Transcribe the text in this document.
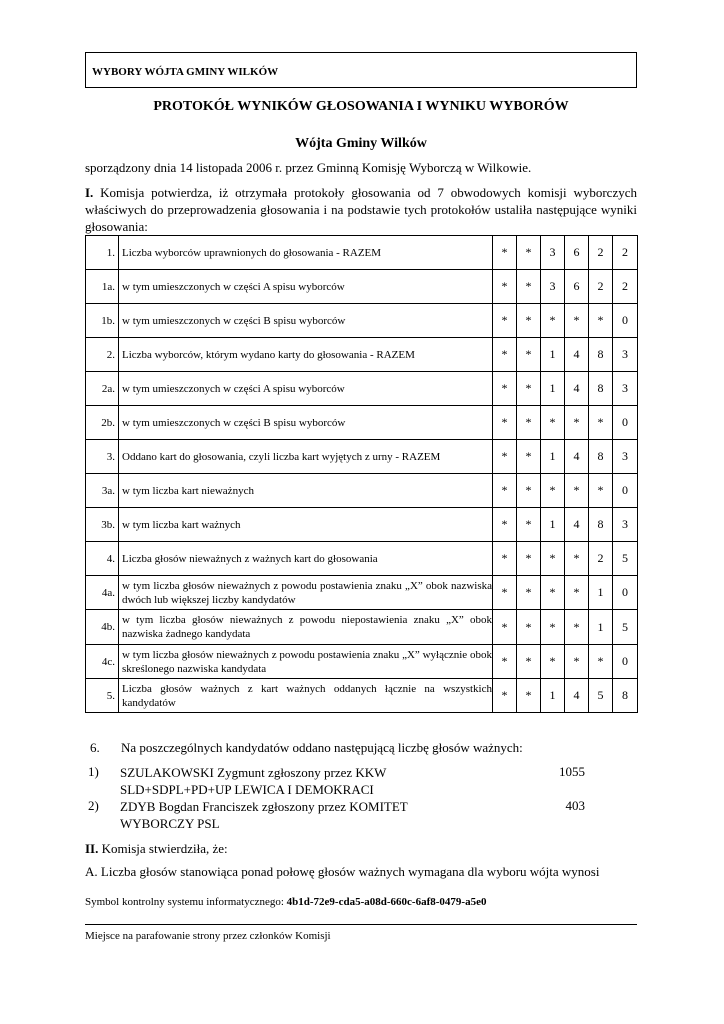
WYBORY WÓJTA GMINY WILKÓW
PROTOKÓŁ WYNIKÓW GŁOSOWANIA I WYNIKU WYBORÓW
Wójta Gminy Wilków
sporządzony dnia 14 listopada 2006 r. przez Gminną Komisję Wyborczą w Wilkowie.
I. Komisja potwierdza, iż otrzymała protokoły głosowania od 7 obwodowych komisji wyborczych właściwych do przeprowadzenia głosowania i na podstawie tych protokołów ustaliła następujące wyniki głosowania:
1.	Liczba wyborców uprawnionych do głosowania - RAZEM	*	*	3	6	2	2
1a.	w tym umieszczonych w części A spisu wyborców	*	*	3	6	2	2
1b.	w tym umieszczonych w części B spisu wyborców	*	*	*	*	*	0
2.	Liczba wyborców, którym wydano karty do głosowania - RAZEM	*	*	1	4	8	3
2a.	w tym umieszczonych w części A spisu wyborców	*	*	1	4	8	3
2b.	w tym umieszczonych w części B spisu wyborców	*	*	*	*	*	0
3.	Oddano kart do głosowania, czyli liczba kart wyjętych z urny - RAZEM	*	*	1	4	8	3
3a.	w tym liczba kart nieważnych	*	*	*	*	*	0
3b.	w tym liczba kart ważnych	*	*	1	4	8	3
4.	Liczba głosów nieważnych z ważnych kart do głosowania	*	*	*	*	2	5
4a.	w tym liczba głosów nieważnych z powodu postawienia znaku „X” obok nazwiska dwóch lub większej liczby kandydatów	*	*	*	*	1	0
4b.	w tym liczba głosów nieważnych z powodu niepostawienia znaku „X” obok nazwiska żadnego kandydata	*	*	*	*	1	5
4c.	w tym liczba głosów nieważnych z powodu postawienia znaku „X” wyłącznie obok skreślonego nazwiska kandydata	*	*	*	*	*	0
5.	Liczba głosów ważnych z kart ważnych oddanych łącznie na wszystkich kandydatów	*	*	1	4	5	8
6. Na poszczególnych kandydatów oddano następującą liczbę głosów ważnych:
1) SZULAKOWSKI Zygmunt zgłoszony przez KKW
SLD+SDPL+PD+UP LEWICA I DEMOKRACI
1055
2) ZDYB Bogdan Franciszek zgłoszony przez KOMITET
WYBORCZY PSL
403
II. Komisja stwierdziła, że:
A. Liczba głosów stanowiąca ponad połowę głosów ważnych wymagana dla wyboru wójta wynosi
Symbol kontrolny systemu informatycznego: 4b1d-72e9-cda5-a08d-660c-6af8-0479-a5e0
Miejsce na parafowanie strony przez członków Komisji
